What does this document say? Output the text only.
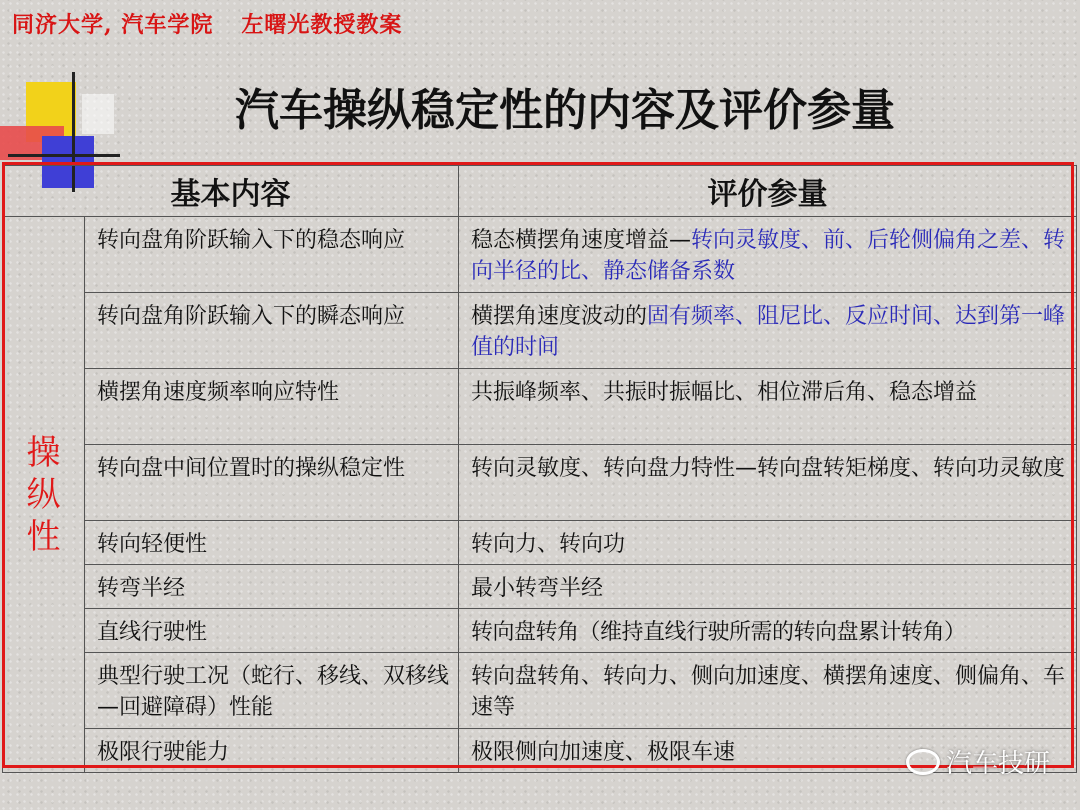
同济大学, 汽车学院 左曙光教授教案
汽车操纵稳定性的内容及评价参量
基本内容		评价参量
操纵性	转向盘角阶跃输入下的稳态响应	稳态横摆角速度增益—转向灵敏度、前、后轮侧偏角之差、转向半径的比、静态储备系数
	转向盘角阶跃输入下的瞬态响应	横摆角速度波动的固有频率、阻尼比、反应时间、达到第一峰值的时间
	横摆角速度频率响应特性	共振峰频率、共振时振幅比、相位滞后角、稳态增益
	转向盘中间位置时的操纵稳定性	转向灵敏度、转向盘力特性—转向盘转矩梯度、转向功灵敏度
	转向轻便性	转向力、转向功
	转弯半经	最小转弯半经
	直线行驶性	转向盘转角（维持直线行驶所需的转向盘累计转角）
	典型行驶工况（蛇行、移线、双移线—回避障碍）性能	转向盘转角、转向力、侧向加速度、横摆角速度、侧偏角、车速等
	极限行驶能力	极限侧向加速度、极限车速	汽车技研
